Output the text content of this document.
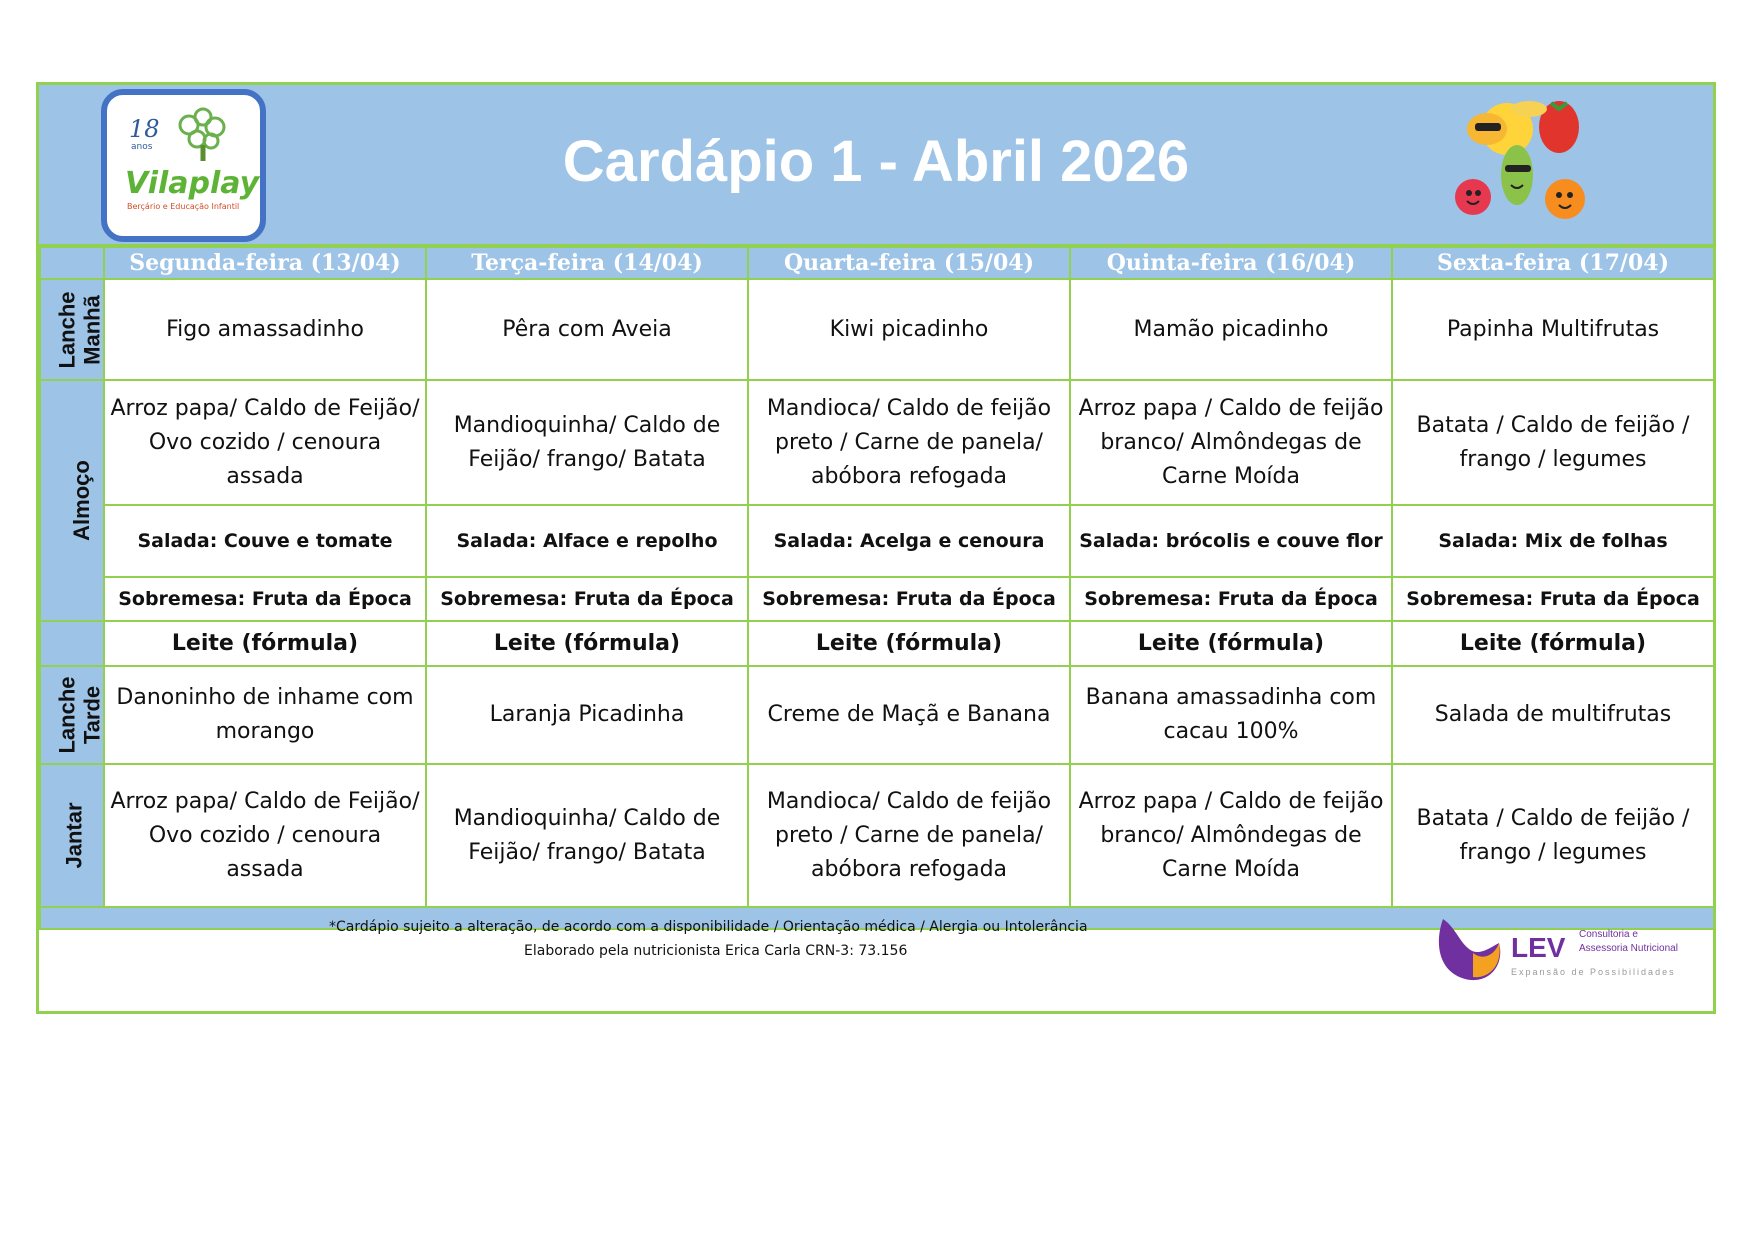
18
anos
Vilaplay
Berçário e Educação Infantil
Cardápio 1 - Abril 2026
	Segunda-feira (13/04)	Terça-feira (14/04)	Quarta-feira (15/04)	Quinta-feira (16/04)	Sexta-feira (17/04)
Lanche
Manhã	Figo amassadinho	Pêra com Aveia	Kiwi picadinho	Mamão picadinho	Papinha Multifrutas
Almoço	Arroz papa/ Caldo de Feijão/ Ovo cozido / cenoura assada	Mandioquinha/ Caldo de Feijão/ frango/ Batata	Mandioca/ Caldo de feijão preto / Carne de panela/ abóbora refogada	Arroz papa / Caldo de feijão branco/ Almôndegas de Carne Moída	Batata / Caldo de feijão / frango / legumes
	Salada: Couve e tomate	Salada: Alface e repolho	Salada: Acelga e cenoura	Salada: brócolis e couve flor	Salada: Mix de folhas
	Sobremesa: Fruta da Época	Sobremesa: Fruta da Época	Sobremesa: Fruta da Época	Sobremesa: Fruta da Época	Sobremesa: Fruta da Época
	Leite (fórmula)	Leite (fórmula)	Leite (fórmula)	Leite (fórmula)	Leite (fórmula)
Lanche
Tarde	Danoninho de inhame com morango	Laranja Picadinha	Creme de Maçã e Banana	Banana amassadinha com cacau 100%	Salada de multifrutas
Jantar	Arroz papa/ Caldo de Feijão/ Ovo cozido / cenoura assada	Mandioquinha/ Caldo de Feijão/ frango/ Batata	Mandioca/ Caldo de feijão preto / Carne de panela/ abóbora refogada	Arroz papa / Caldo de feijão branco/ Almôndegas de Carne Moída	Batata / Caldo de feijão / frango / legumes

*Cardápio sujeito a alteração, de acordo com a disponibilidade / Orientação médica / Alergia ou Intolerância
Elaborado pela nutricionista Erica Carla CRN-3: 73.156	LEV Consultoria e
Assessoria Nutricional
Expansão de Possibilidades
